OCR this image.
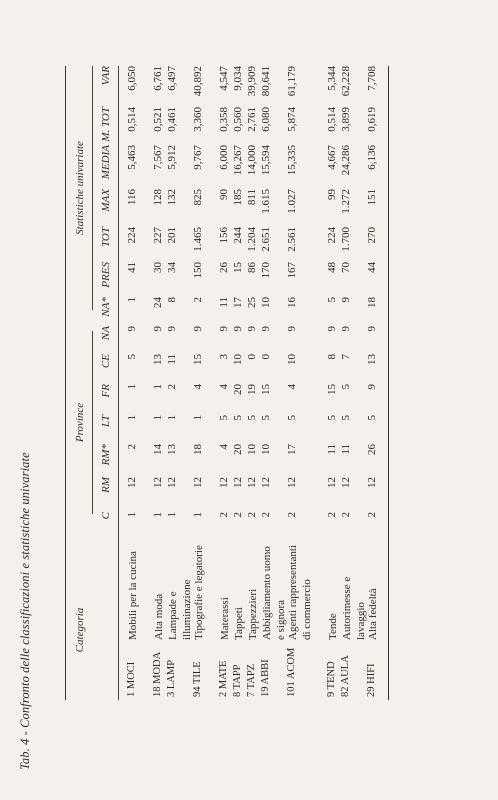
Tab. 4 - Confronto delle classificazioni e statistiche univariate	Categoria
Province
Statistiche univariate
C
RM
RM*
LT
FR
CE
NA
NA*
PRES
TOT
MAX
MEDIA
M. TOT
VAR
1 MOCI
Mobili per la cucina
1
12
2
1
1
5
9
1
41
224
116
5,463
0,514
6,050
18 MODA
Alta moda
1
12
14
1
1
13
9
24
30
227
128
7,567
0,521
6,761
3 LAMP
Lampade e illuminazione
1
12
13
1
2
11
9
8
34
201
132
5,912
0,461
6,497
94 TILE
Tipografie e legatorie
1
12
18
1
4
15
9
2
150
1.465
825
9,767
3,360
40,892
2 MATE
Materassi
2
12
4
5
4
3
9
11
26
156
90
6,000
0,358
4,547
8 TAPP
Tappeti
2
12
20
5
20
10
9
17
15
244
185
16,267
0,560
9,034
7 TAPZ
Tappezzieri
2
12
10
5
19
0
9
25
86
1.204
811
14,000
2,761
39,909
19 ABBI
Abbigliamento uomo e signora
2
12
10
5
15
0
9
10
170
2.651
1.615
15,594
6,080
80,641
101 ACOM
Agenti rappresentanti di commercio
2
12
17
5
4
10
9
16
167
2.561
1.027
15,335
5,874
61,179
9 TEND
Tende
2
12
11
5
15
8
9
5
48
224
99
4,667
0,514
5,344
82 AULA
Autorimesse e lavaggio
2
12
11
5
5
7
9
9
70
1.700
1.272
24,286
3,899
62,228
29 HIFI
Alta fedeltà
2
12
26
5
9
13
9
18
44
270
151
6,136
0,619
7,708
